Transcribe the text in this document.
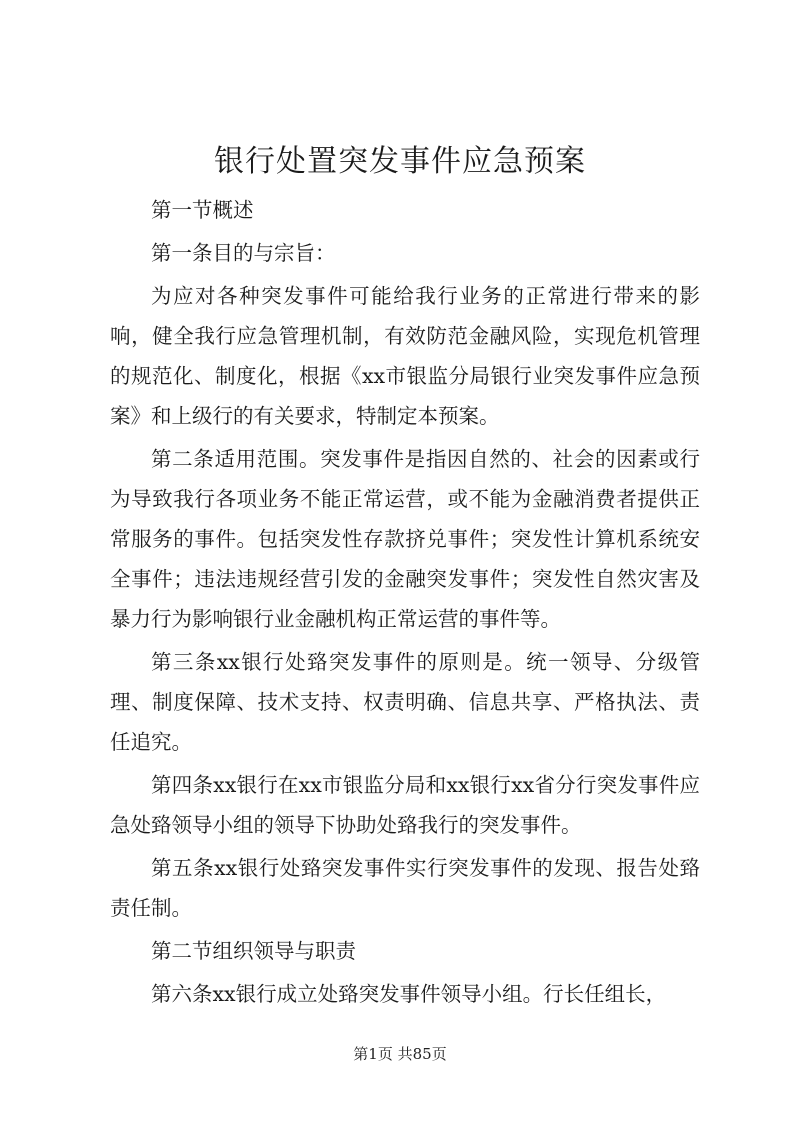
银行处置突发事件应急预案

第一节概述

第一条目的与宗旨：

为应对各种突发事件可能给我行业务的正常进行带来的影响，健全我行应急管理机制，有效防范金融风险，实现危机管理的规范化、制度化，根据《xx市银监分局银行业突发事件应急预案》和上级行的有关要求，特制定本预案。

第二条适用范围。突发事件是指因自然的、社会的因素或行为导致我行各项业务不能正常运营，或不能为金融消费者提供正常服务的事件。包括突发性存款挤兑事件；突发性计算机系统安全事件；违法违规经营引发的金融突发事件；突发性自然灾害及暴力行为影响银行业金融机构正常运营的事件等。

第三条xx银行处臵突发事件的原则是。统一领导、分级管理、制度保障、技术支持、权责明确、信息共享、严格执法、责任追究。

第四条xx银行在xx市银监分局和xx银行xx省分行突发事件应急处臵领导小组的领导下协助处臵我行的突发事件。

第五条xx银行处臵突发事件实行突发事件的发现、报告处臵责任制。

第二节组织领导与职责

第六条xx银行成立处臵突发事件领导小组。行长任组长，

第1页 共85页
